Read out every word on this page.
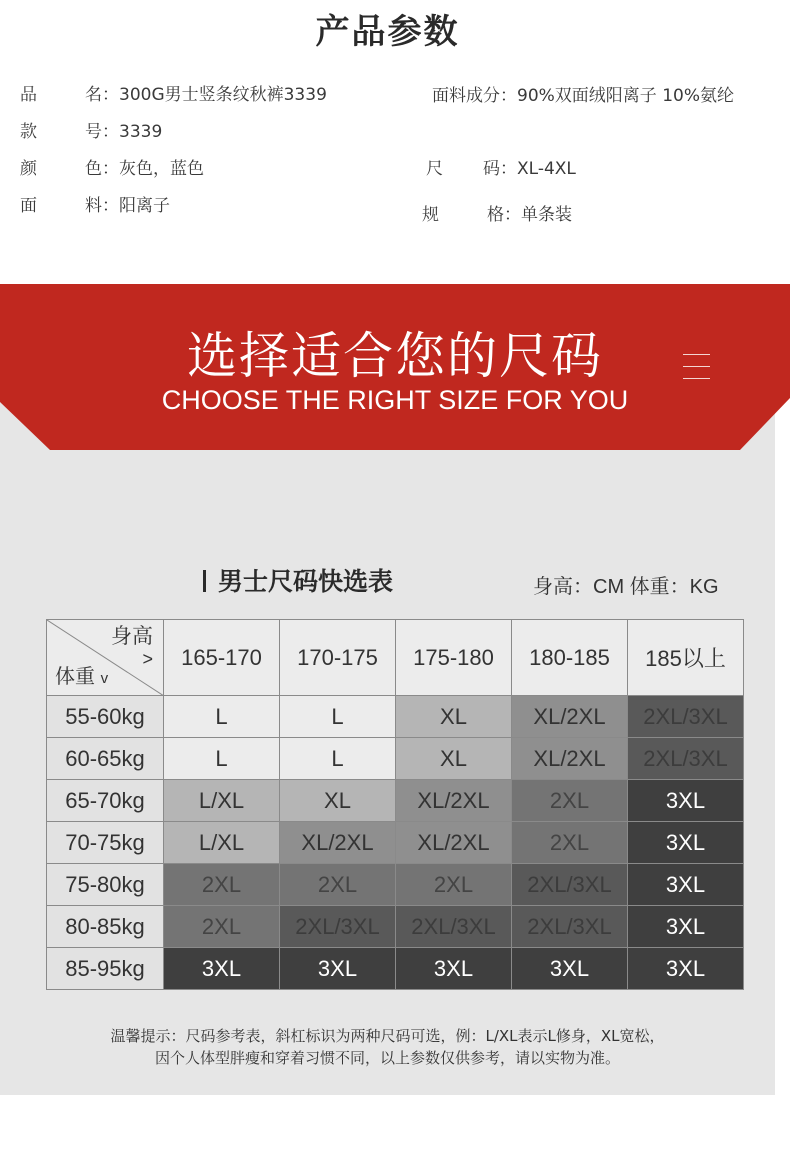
产品参数
品	名：300G男士竖条纹秋裤3339
款	号：3339
颜	色：灰色，蓝色
面	料：阳离子
面料成分：90%双面绒阳离子 10%氨纶
尺 码：XL-4XL
规	格：单条装
选择适合您的尺码
CHOOSE THE RIGHT SIZE FOR YOU
男士尺码快选表	身高：CM 体重：KG
身高
>
体重 v	165-170	170-175	175-180	180-185	185以上
55-60kg	L	L	XL	XL/2XL	2XL/3XL
60-65kg	L	L	XL	XL/2XL	2XL/3XL
65-70kg	L/XL	XL	XL/2XL	2XL	3XL
70-75kg	L/XL	XL/2XL	XL/2XL	2XL	3XL
75-80kg	2XL	2XL	2XL	2XL/3XL	3XL
80-85kg	2XL	2XL/3XL	2XL/3XL	2XL/3XL	3XL
85-95kg	3XL	3XL	3XL	3XL	3XL
温馨提示：尺码参考表，斜杠标识为两种尺码可选，例：L/XL表示L修身，XL宽松，
因个人体型胖瘦和穿着习惯不同，以上参数仅供参考，请以实物为准。
